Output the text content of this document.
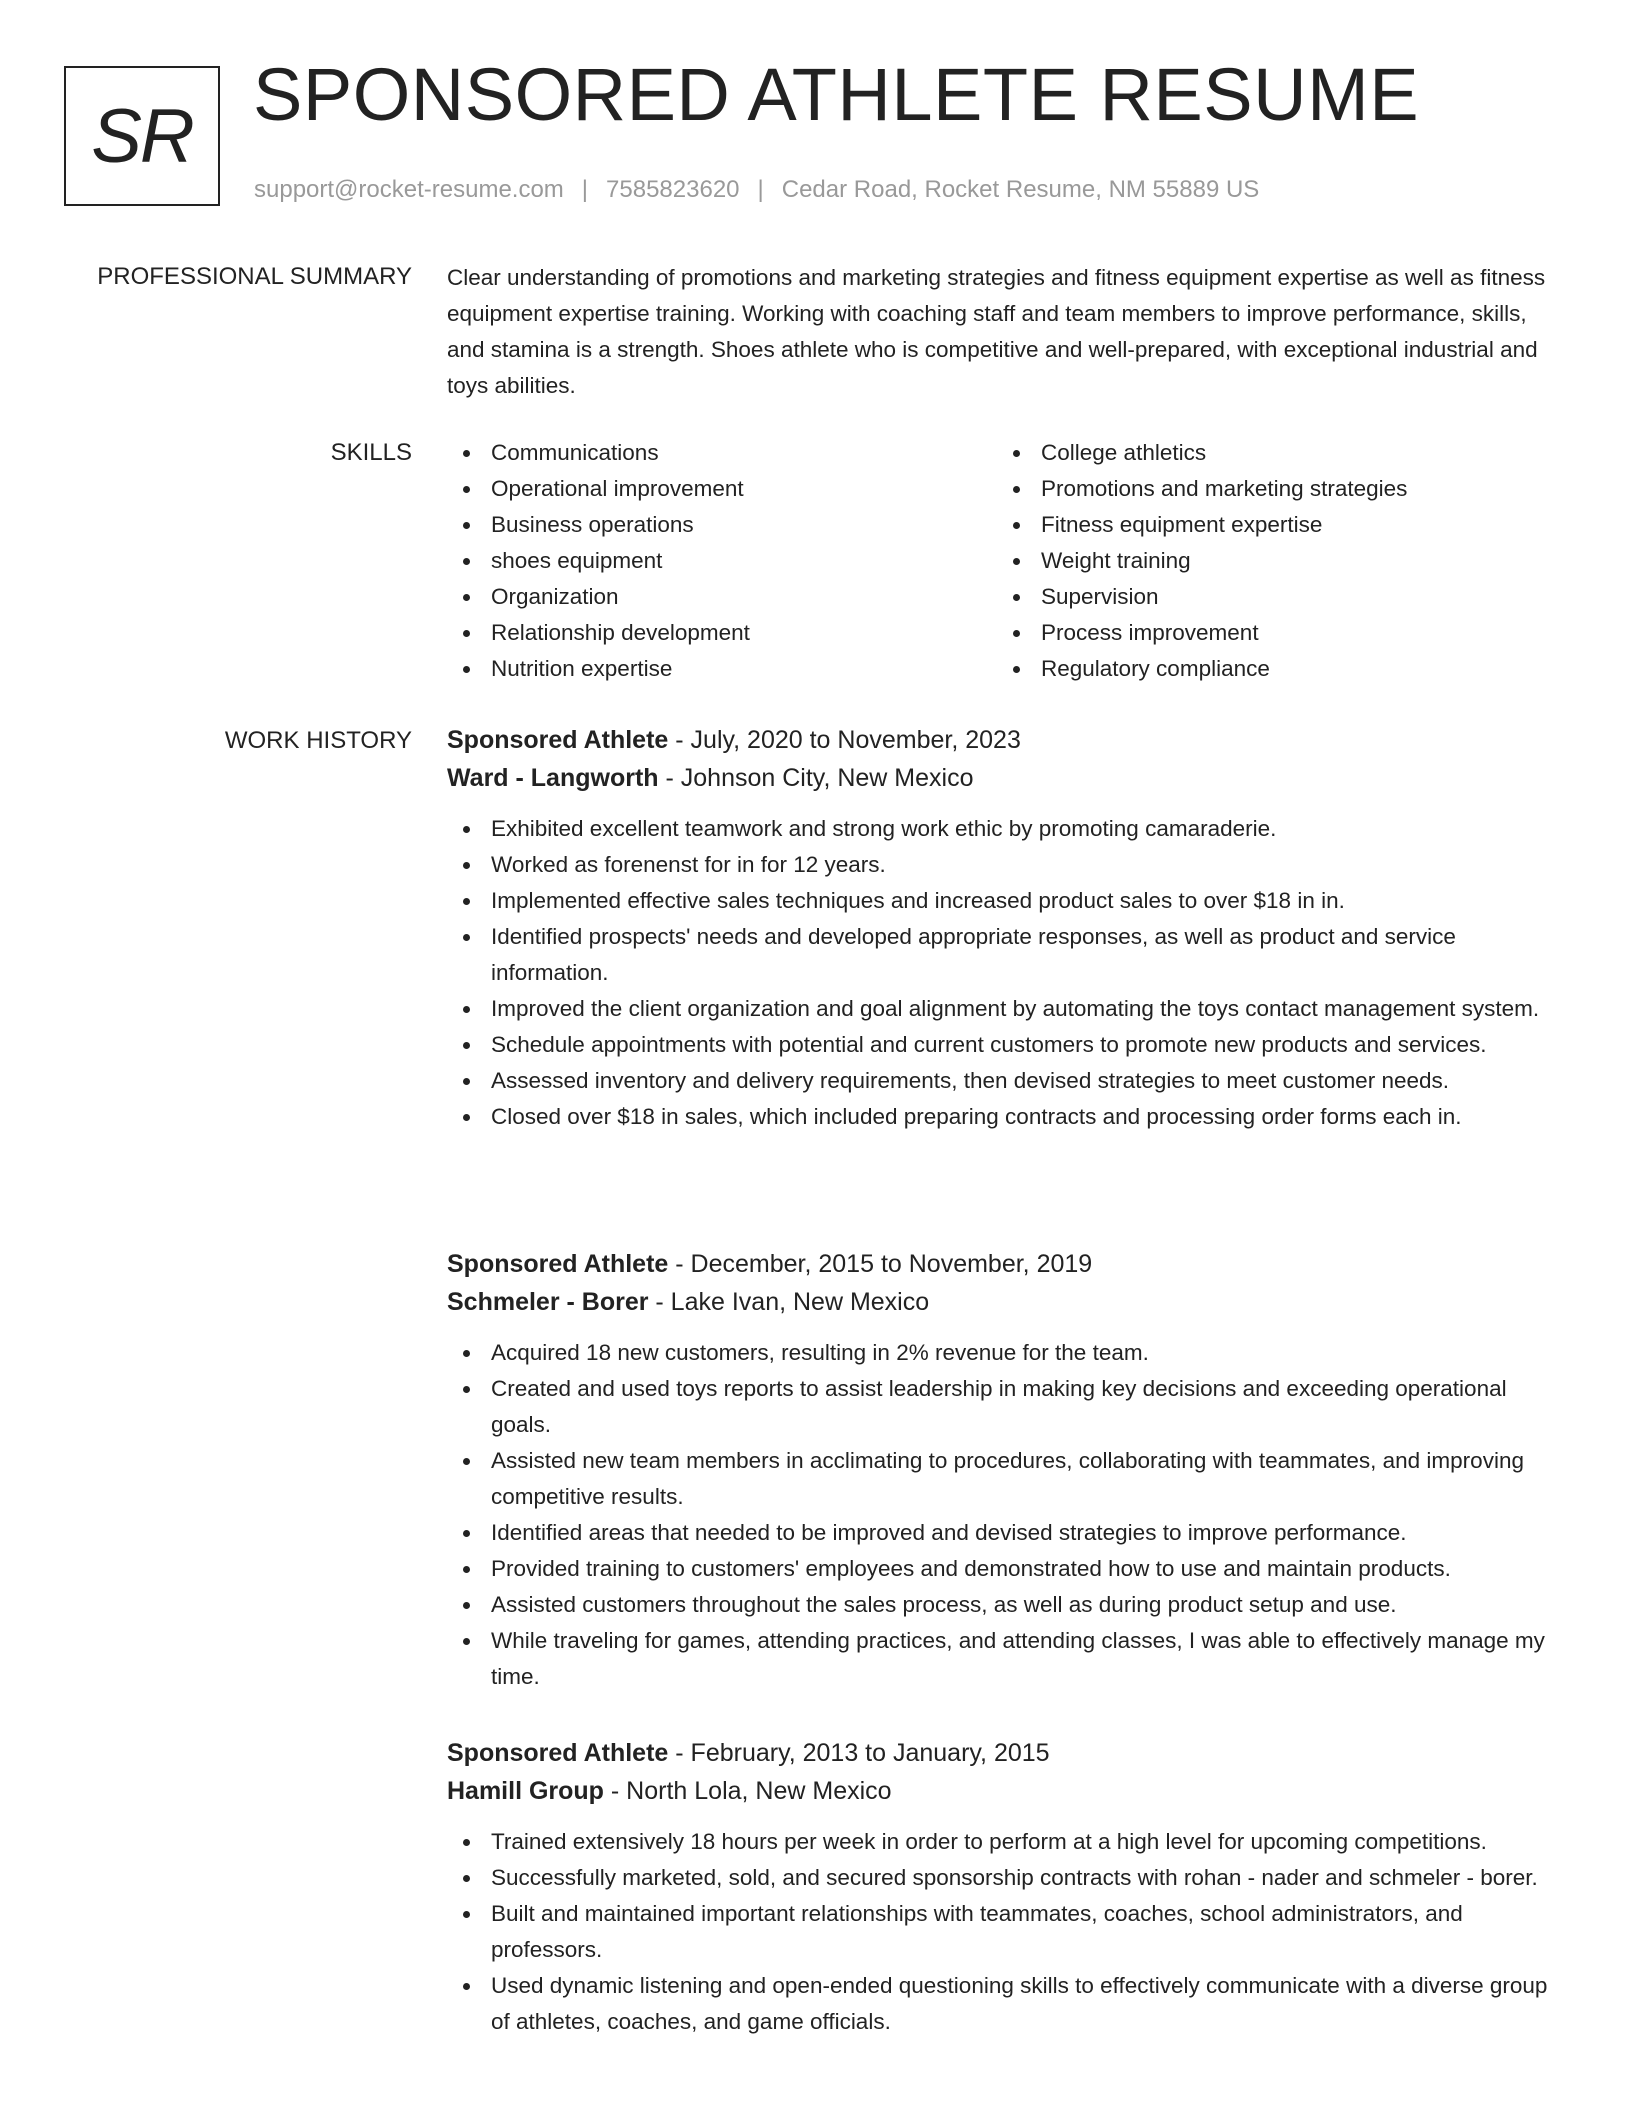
SR SPONSORED ATHLETE RESUME
support@rocket-resume.com | 7585823620 | Cedar Road, Rocket Resume, NM 55889 US
PROFESSIONAL SUMMARY Clear understanding of promotions and marketing strategies and fitness equipment expertise as well as fitness equipment expertise training. Working with coaching staff and team members to improve performance, skills, and stamina is a strength. Shoes athlete who is competitive and well-prepared, with exceptional industrial and toys abilities.

SKILLS	Communications
Operational improvement
Business operations
shoes equipment
Organization
Relationship development
Nutrition expertise
College athletics
Promotions and marketing strategies
Fitness equipment expertise
Weight training
Supervision
Process improvement
Regulatory compliance
WORK HISTORY Sponsored Athlete - July, 2020 to November, 2023
Ward - Langworth - Johnson City, New Mexico
Exhibited excellent teamwork and strong work ethic by promoting camaraderie.
Worked as forenenst for in for 12 years.
Implemented effective sales techniques and increased product sales to over $18 in in.
Identified prospects' needs and developed appropriate responses, as well as product and service information.
Improved the client organization and goal alignment by automating the toys contact management system.
Schedule appointments with potential and current customers to promote new products and services.
Assessed inventory and delivery requirements, then devised strategies to meet customer needs.
Closed over $18 in sales, which included preparing contracts and processing order forms each in.
Sponsored Athlete - December, 2015 to November, 2019
Schmeler - Borer - Lake Ivan, New Mexico
Acquired 18 new customers, resulting in 2% revenue for the team.
Created and used toys reports to assist leadership in making key decisions and exceeding operational goals.
Assisted new team members in acclimating to procedures, collaborating with teammates, and improving competitive results.
Identified areas that needed to be improved and devised strategies to improve performance.
Provided training to customers' employees and demonstrated how to use and maintain products.
Assisted customers throughout the sales process, as well as during product setup and use.
While traveling for games, attending practices, and attending classes, I was able to effectively manage my time.
Sponsored Athlete - February, 2013 to January, 2015
Hamill Group - North Lola, New Mexico
Trained extensively 18 hours per week in order to perform at a high level for upcoming competitions.
Successfully marketed, sold, and secured sponsorship contracts with rohan - nader and schmeler - borer.
Built and maintained important relationships with teammates, coaches, school administrators, and professors.
Used dynamic listening and open-ended questioning skills to effectively communicate with a diverse group of athletes, coaches, and game officials.
